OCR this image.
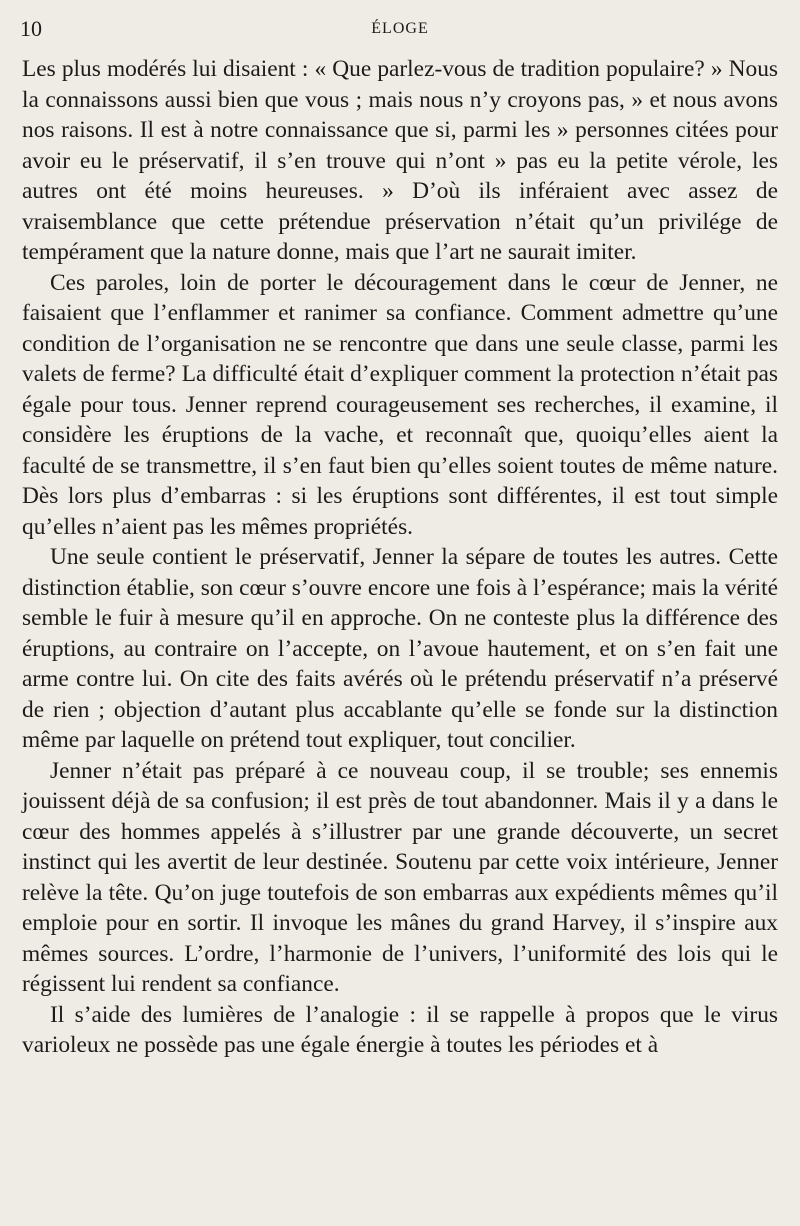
10	ÉLOGE

Les plus modérés lui disaient : « Que parlez-vous de tradition populaire? » Nous la connaissons aussi bien que vous ; mais nous n’y croyons pas, » et nous avons nos raisons. Il est à notre connaissance que si, parmi les » personnes citées pour avoir eu le préservatif, il s’en trouve qui n’ont » pas eu la petite vérole, les autres ont été moins heureuses. » D’où ils inféraient avec assez de vraisemblance que cette prétendue préservation n’était qu’un privilége de tempérament que la nature donne, mais que l’art ne saurait imiter.

Ces paroles, loin de porter le découragement dans le cœur de Jenner, ne faisaient que l’enflammer et ranimer sa confiance. Comment admettre qu’une condition de l’organisation ne se rencontre que dans une seule classe, parmi les valets de ferme? La difficulté était d’expliquer comment la protection n’était pas égale pour tous. Jenner reprend courageusement ses recherches, il examine, il considère les éruptions de la vache, et reconnaît que, quoiqu’elles aient la faculté de se transmettre, il s’en faut bien qu’elles soient toutes de même nature. Dès lors plus d’embarras : si les éruptions sont différentes, il est tout simple qu’elles n’aient pas les mêmes propriétés.

Une seule contient le préservatif, Jenner la sépare de toutes les autres. Cette distinction établie, son cœur s’ouvre encore une fois à l’espérance; mais la vérité semble le fuir à mesure qu’il en approche. On ne conteste plus la différence des éruptions, au contraire on l’accepte, on l’avoue hautement, et on s’en fait une arme contre lui. On cite des faits avérés où le prétendu préservatif n’a préservé de rien ; objection d’autant plus accablante qu’elle se fonde sur la distinction même par laquelle on prétend tout expliquer, tout concilier.

Jenner n’était pas préparé à ce nouveau coup, il se trouble; ses ennemis jouissent déjà de sa confusion; il est près de tout abandonner. Mais il y a dans le cœur des hommes appelés à s’illustrer par une grande découverte, un secret instinct qui les avertit de leur destinée. Soutenu par cette voix intérieure, Jenner relève la tête. Qu’on juge toutefois de son embarras aux expédients mêmes qu’il emploie pour en sortir. Il invoque les mânes du grand Harvey, il s’inspire aux mêmes sources. L’ordre, l’harmonie de l’univers, l’uniformité des lois qui le régissent lui rendent sa confiance.

Il s’aide des lumières de l’analogie : il se rappelle à propos que le virus varioleux ne possède pas une égale énergie à toutes les périodes et à
